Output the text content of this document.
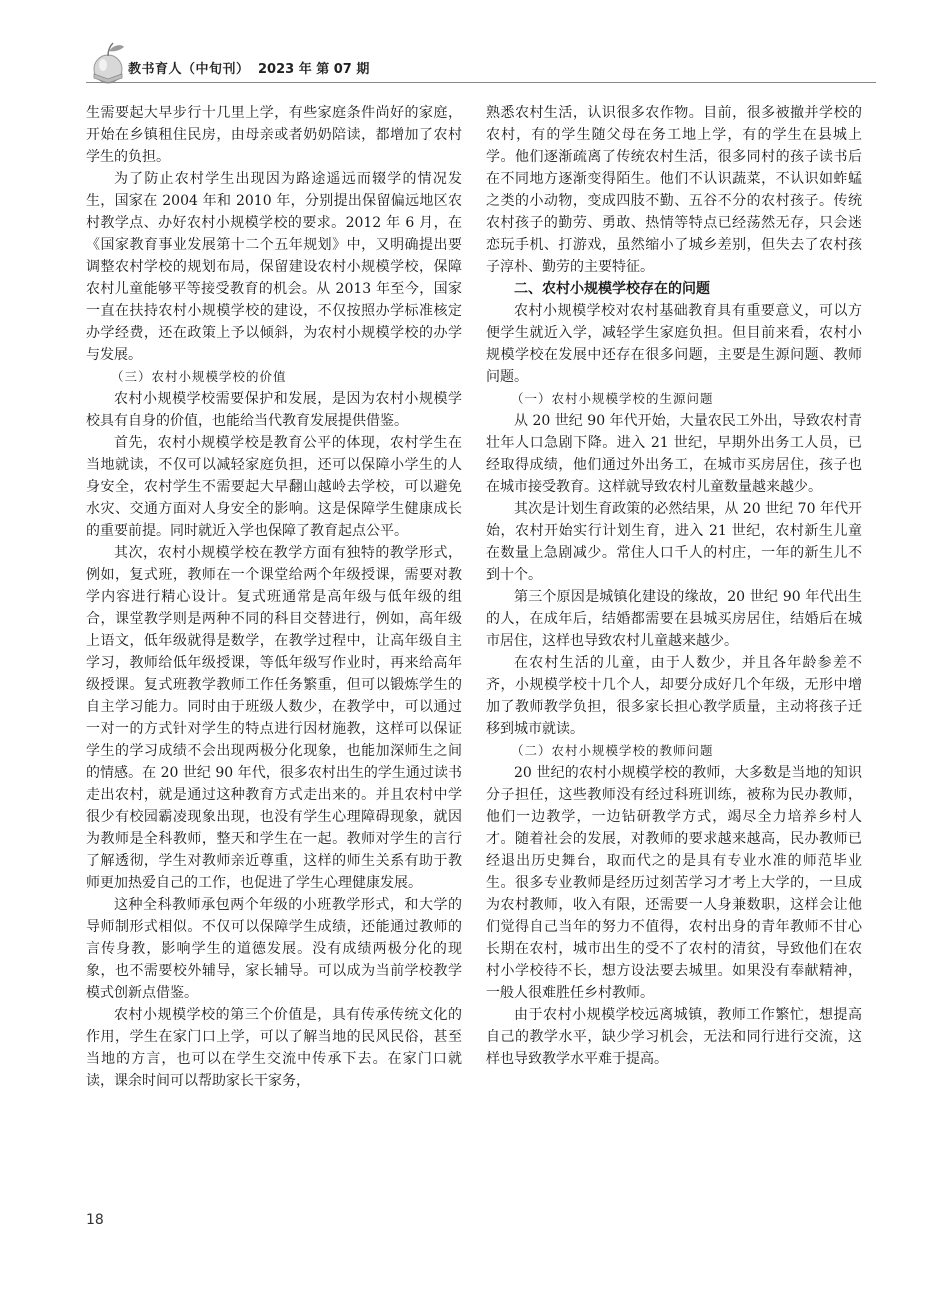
教书育人（中旬刊） 2023 年 第 07 期

生需要起大早步行十几里上学，有些家庭条件尚好的家庭，开始在乡镇租住民房，由母亲或者奶奶陪读，都增加了农村学生的负担。

为了防止农村学生出现因为路途遥远而辍学的情况发生，国家在 2004 年和 2010 年，分别提出保留偏远地区农村教学点、办好农村小规模学校的要求。2012 年 6 月，在《国家教育事业发展第十二个五年规划》中，又明确提出要调整农村学校的规划布局，保留建设农村小规模学校，保障农村儿童能够平等接受教育的机会。从 2013 年至今，国家一直在扶持农村小规模学校的建设，不仅按照办学标准核定办学经费，还在政策上予以倾斜，为农村小规模学校的办学与发展。

（三）农村小规模学校的价值

农村小规模学校需要保护和发展，是因为农村小规模学校具有自身的价值，也能给当代教育发展提供借鉴。

首先，农村小规模学校是教育公平的体现，农村学生在当地就读，不仅可以减轻家庭负担，还可以保障小学生的人身安全，农村学生不需要起大早翻山越岭去学校，可以避免水灾、交通方面对人身安全的影响。这是保障学生健康成长的重要前提。同时就近入学也保障了教育起点公平。

其次，农村小规模学校在教学方面有独特的教学形式，例如，复式班，教师在一个课堂给两个年级授课，需要对教学内容进行精心设计。复式班通常是高年级与低年级的组合，课堂教学则是两种不同的科目交替进行，例如，高年级上语文，低年级就得是数学，在教学过程中，让高年级自主学习，教师给低年级授课，等低年级写作业时，再来给高年级授课。复式班教学教师工作任务繁重，但可以锻炼学生的自主学习能力。同时由于班级人数少，在教学中，可以通过一对一的方式针对学生的特点进行因材施教，这样可以保证学生的学习成绩不会出现两极分化现象，也能加深师生之间的情感。在 20 世纪 90 年代，很多农村出生的学生通过读书走出农村，就是通过这种教育方式走出来的。并且农村中学很少有校园霸凌现象出现，也没有学生心理障碍现象，就因为教师是全科教师，整天和学生在一起。教师对学生的言行了解透彻，学生对教师亲近尊重，这样的师生关系有助于教师更加热爱自己的工作，也促进了学生心理健康发展。

这种全科教师承包两个年级的小班教学形式，和大学的导师制形式相似。不仅可以保障学生成绩，还能通过教师的言传身教，影响学生的道德发展。没有成绩两极分化的现象，也不需要校外辅导，家长辅导。可以成为当前学校教学模式创新点借鉴。

农村小规模学校的第三个价值是，具有传承传统文化的作用，学生在家门口上学，可以了解当地的民风民俗，甚至当地的方言，也可以在学生交流中传承下去。在家门口就读，课余时间可以帮助家长干家务，

熟悉农村生活，认识很多农作物。目前，很多被撤并学校的农村，有的学生随父母在务工地上学，有的学生在县城上学。他们逐渐疏离了传统农村生活，很多同村的孩子读书后在不同地方逐渐变得陌生。他们不认识蔬菜，不认识如蚱蜢之类的小动物，变成四肢不勤、五谷不分的农村孩子。传统农村孩子的勤劳、勇敢、热情等特点已经荡然无存，只会迷恋玩手机、打游戏，虽然缩小了城乡差别，但失去了农村孩子淳朴、勤劳的主要特征。

二、农村小规模学校存在的问题

农村小规模学校对农村基础教育具有重要意义，可以方便学生就近入学，减轻学生家庭负担。但目前来看，农村小规模学校在发展中还存在很多问题，主要是生源问题、教师问题。

（一）农村小规模学校的生源问题

从 20 世纪 90 年代开始，大量农民工外出，导致农村青壮年人口急剧下降。进入 21 世纪，早期外出务工人员，已经取得成绩，他们通过外出务工，在城市买房居住，孩子也在城市接受教育。这样就导致农村儿童数量越来越少。

其次是计划生育政策的必然结果，从 20 世纪 70 年代开始，农村开始实行计划生育，进入 21 世纪，农村新生儿童在数量上急剧减少。常住人口千人的村庄，一年的新生儿不到十个。

第三个原因是城镇化建设的缘故，20 世纪 90 年代出生的人，在成年后，结婚都需要在县城买房居住，结婚后在城市居住，这样也导致农村儿童越来越少。

在农村生活的儿童，由于人数少，并且各年龄参差不齐，小规模学校十几个人，却要分成好几个年级，无形中增加了教师教学负担，很多家长担心教学质量，主动将孩子迁移到城市就读。

（二）农村小规模学校的教师问题

20 世纪的农村小规模学校的教师，大多数是当地的知识分子担任，这些教师没有经过科班训练，被称为民办教师，他们一边教学，一边钻研教学方式，竭尽全力培养乡村人才。随着社会的发展，对教师的要求越来越高，民办教师已经退出历史舞台，取而代之的是具有专业水准的师范毕业生。很多专业教师是经历过刻苦学习才考上大学的，一旦成为农村教师，收入有限，还需要一人身兼数职，这样会让他们觉得自己当年的努力不值得，农村出身的青年教师不甘心长期在农村，城市出生的受不了农村的清贫，导致他们在农村小学校待不长，想方设法要去城里。如果没有奉献精神，一般人很难胜任乡村教师。

由于农村小规模学校远离城镇，教师工作繁忙，想提高自己的教学水平，缺少学习机会，无法和同行进行交流，这样也导致教学水平难于提高。

18
